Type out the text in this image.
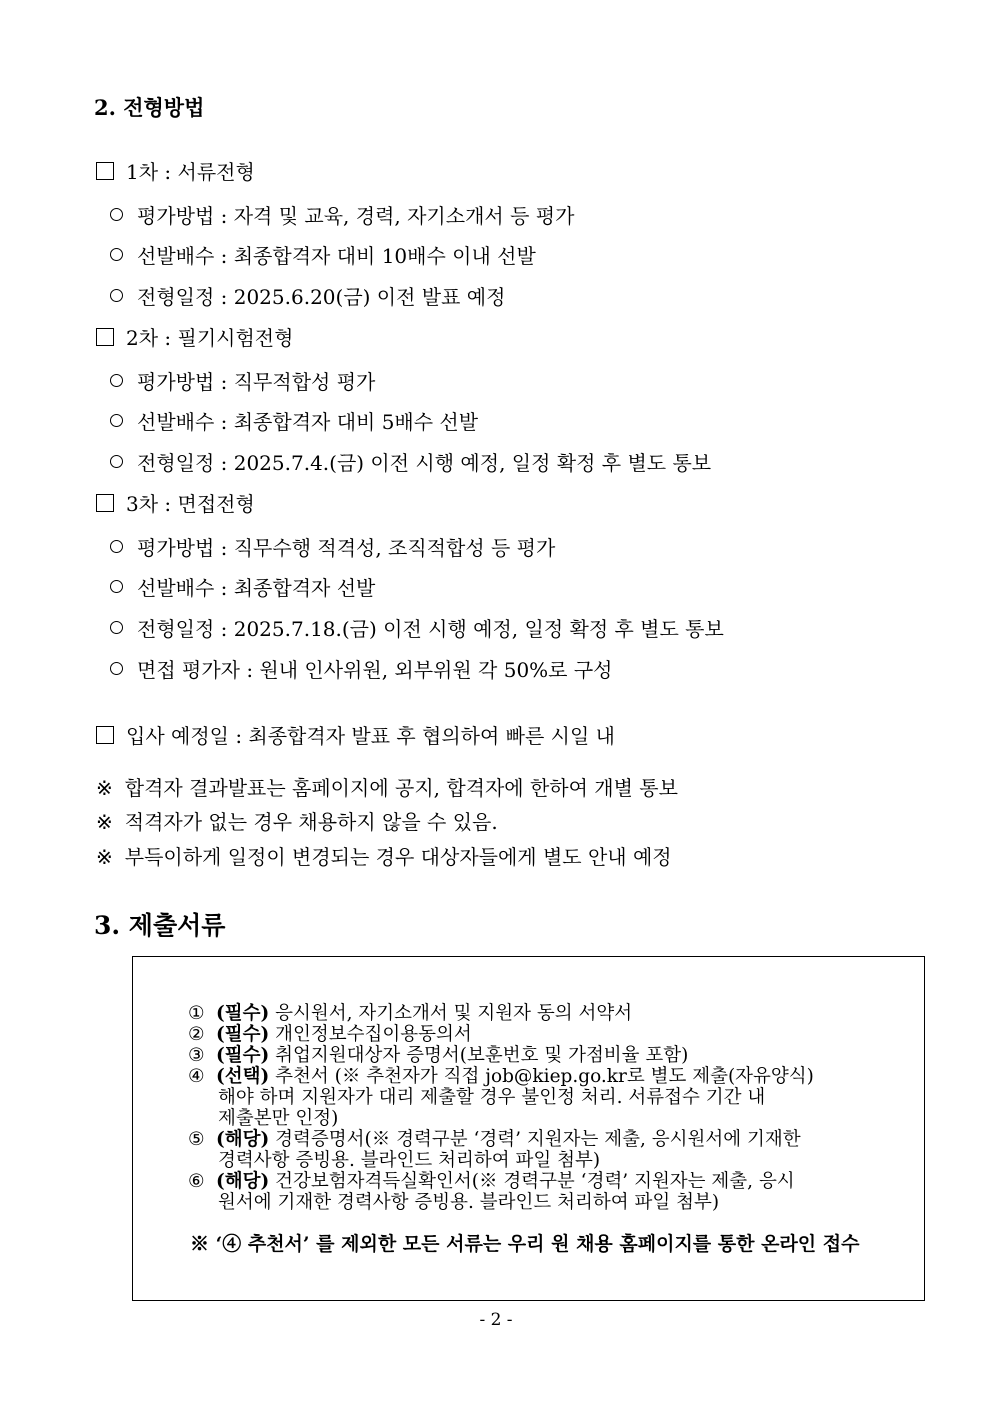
2. 전형방법
1차 : 서류전형
평가방법 : 자격 및 교육, 경력, 자기소개서 등 평가
선발배수 : 최종합격자 대비 10배수 이내 선발
전형일정 : 2025.6.20(금) 이전 발표 예정
2차 : 필기시험전형
평가방법 : 직무적합성 평가
선발배수 : 최종합격자 대비 5배수 선발
전형일정 : 2025.7.4.(금) 이전 시행 예정, 일정 확정 후 별도 통보
3차 : 면접전형
평가방법 : 직무수행 적격성, 조직적합성 등 평가
선발배수 : 최종합격자 선발
전형일정 : 2025.7.18.(금) 이전 시행 예정, 일정 확정 후 별도 통보
면접 평가자 : 원내 인사위원, 외부위원 각 50%로 구성
입사 예정일 : 최종합격자 발표 후 협의하여 빠른 시일 내
※ 합격자 결과발표는 홈페이지에 공지, 합격자에 한하여 개별 통보
※ 적격자가 없는 경우 채용하지 않을 수 있음.
※ 부득이하게 일정이 변경되는 경우 대상자들에게 별도 안내 예정
3. 제출서류
① (필수) 응시원서, 자기소개서 및 지원자 동의 서약서
② (필수) 개인정보수집이용동의서
③ (필수) 취업지원대상자 증명서(보훈번호 및 가점비율 포함)
④ (선택) 추천서 (※ 추천자가 직접 job@kiep.go.kr로 별도 제출(자유양식)
해야 하며 지원자가 대리 제출할 경우 불인정 처리. 서류접수 기간 내
제출본만 인정)
⑤ (해당) 경력증명서(※ 경력구분 ‘경력’ 지원자는 제출, 응시원서에 기재한
경력사항 증빙용. 블라인드 처리하여 파일 첨부)
⑥ (해당) 건강보험자격득실확인서(※ 경력구분 ‘경력’ 지원자는 제출, 응시
원서에 기재한 경력사항 증빙용. 블라인드 처리하여 파일 첨부)
※ ‘④ 추천서’ 를 제외한 모든 서류는 우리 원 채용 홈페이지를 통한 온라인 접수
- 2 -
